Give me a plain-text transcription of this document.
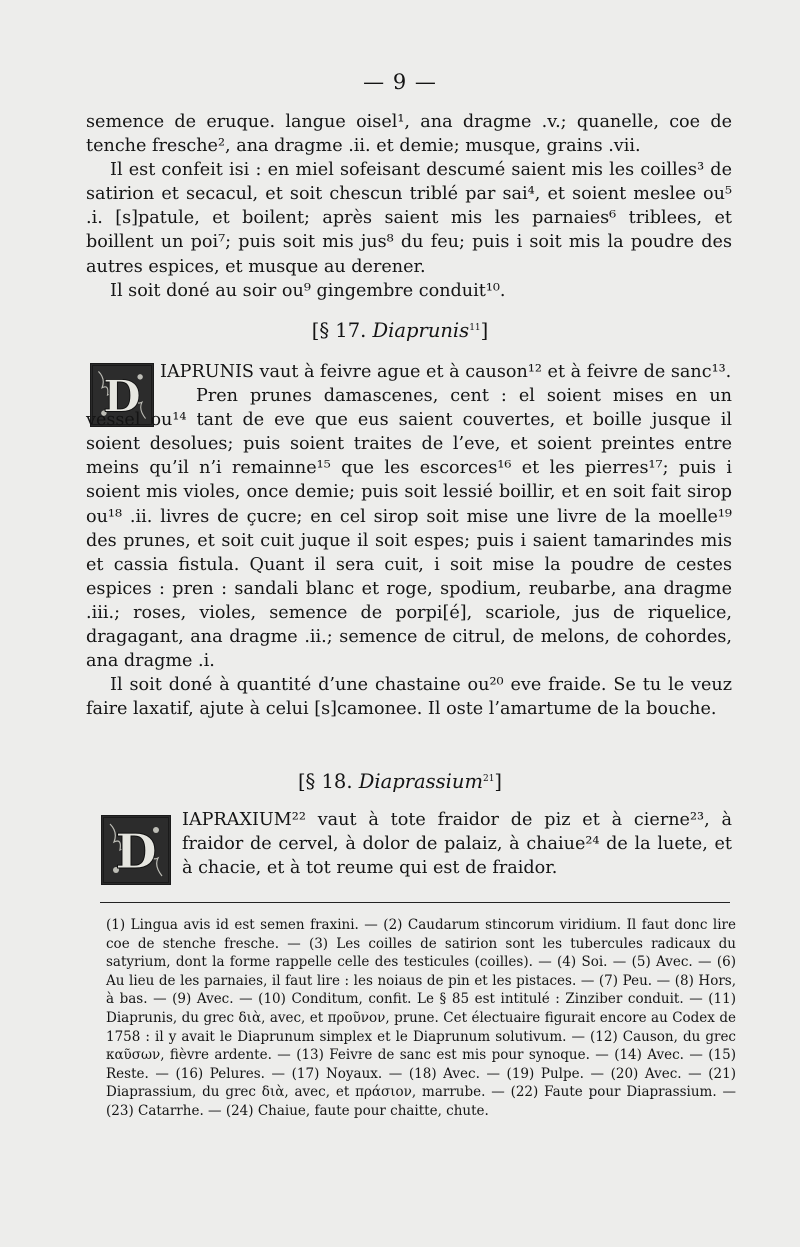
— 9 —

semence de eruque. langue oisel¹, ana dragme .v.; quanelle, coe de tenche fresche², ana dragme .ii. et demie; musque, grains .vii.

Il est confeit isi : en miel sofeisant descumé saient mis les coilles³ de satirion et secacul, et soit chescun triblé par sai⁴, et soient meslee ou⁵ .i. [s]patule, et boilent; après saient mis les parnaies⁶ triblees, et boillent un poi⁷; puis soit mis jus⁸ du feu; puis i soit mis la poudre des autres espices, et musque au derener.

Il soit doné au soir ou⁹ gingembre conduit¹⁰.

[§ 17. Diaprunis$^{11}$]
D	IAPRUNIS vaut à feivre ague et à causon¹² et à feivre de sanc¹³.

Pren prunes damascenes, cent : el soient mises en un vessel ou¹⁴ tant de eve que eus saient couvertes, et boille jusque il soient desolues; puis soient traites de l’eve, et soient preintes entre meins qu’il n’i remainne¹⁵ que les escorces¹⁶ et les pierres¹⁷; puis i soient mis violes, once demie; puis soit lessié boillir, et en soit fait sirop ou¹⁸ .ii. livres de çucre; en cel sirop soit mise une livre de la moelle¹⁹ des prunes, et soit cuit juque il soit espes; puis i saient tamarindes mis et cassia fistula. Quant il sera cuit, i soit mise la poudre de cestes espices : pren : sandali blanc et roge, spodium, reubarbe, ana dragme .iii.; roses, violes, semence de porpi[é], scariole, jus de riquelice, dragagant, ana dragme .ii.; semence de citrul, de melons, de cohordes, ana dragme .i.

Il soit doné à quantité d’une chastaine ou²⁰ eve fraide. Se tu le veuz faire laxatif, ajute à celui [s]camonee. Il oste l’amartume de la bouche.

[§ 18. Diaprassium$^{21}$]
D

IAPRAXIUM²² vaut à tote fraidor de piz et à cierne²³, à fraidor de cervel, à dolor de palaiz, à chaiue²⁴ de la luete, et à chacie, et à tot reume qui est de fraidor.

(1) Lingua avis id est semen fraxini. — (2) Caudarum stincorum viridium. Il faut donc lire coe de stenche fresche. — (3) Les coilles de satirion sont les tubercules radicaux du satyrium, dont la forme rappelle celle des testicules (coilles). — (4) Soi. — (5) Avec. — (6) Au lieu de les parnaies, il faut lire : les noiaus de pin et les pistaces. — (7) Peu. — (8) Hors, à bas. — (9) Avec. — (10) Conditum, confit. Le § 85 est intitulé : Zinziber conduit. — (11) Diaprunis, du grec διὰ, avec, et προῦνον, prune. Cet électuaire figurait encore au Codex de 1758 : il y avait le Diaprunum simplex et le Diaprunum solutivum. — (12) Causon, du grec καῦσων, fièvre ardente. — (13) Feivre de sanc est mis pour synoque. — (14) Avec. — (15) Reste. — (16) Pelures. — (17) Noyaux. — (18) Avec. — (19) Pulpe. — (20) Avec. — (21) Diaprassium, du grec διὰ, avec, et πράσιον, marrube. — (22) Faute pour Diaprassium. — (23) Catarrhe. — (24) Chaiue, faute pour chaitte, chute.
